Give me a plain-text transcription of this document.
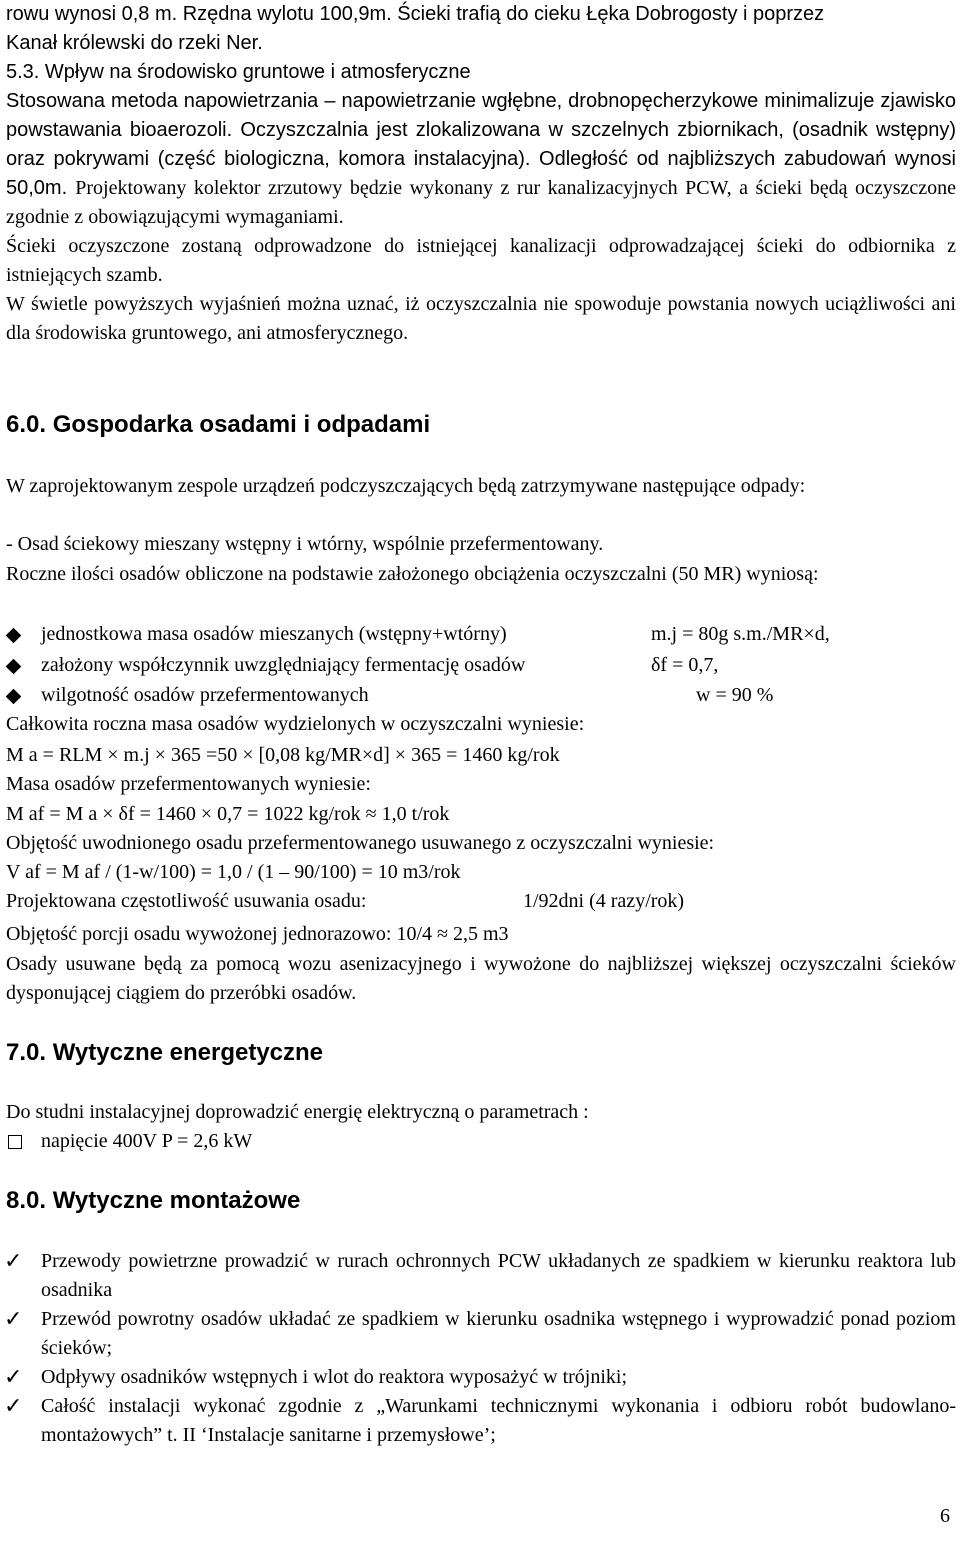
rowu wynosi 0,8 m. Rzędna wylotu 100,9m. Ścieki trafią do cieku Łęka Dobrogosty i poprzez

Kanał królewski do rzeki Ner.

5.3. Wpływ na środowisko gruntowe i atmosferyczne

Stosowana metoda napowietrzania – napowietrzanie wgłębne, drobnopęcherzykowe minimalizuje zjawisko powstawania bioaerozoli. Oczyszczalnia jest zlokalizowana w szczelnych zbiornikach, (osadnik wstępny) oraz pokrywami (część biologiczna, komora instalacyjna). Odległość od najbliższych zabudowań wynosi 50,0m. Projektowany kolektor zrzutowy będzie wykonany z rur kanalizacyjnych PCW, a ścieki będą oczyszczone zgodnie z obowiązującymi wymaganiami.

Ścieki oczyszczone zostaną odprowadzone do istniejącej kanalizacji odprowadzającej ścieki do odbiornika z istniejących szamb.

W świetle powyższych wyjaśnień można uznać, iż oczyszczalnia nie spowoduje powstania nowych uciążliwości ani dla środowiska gruntowego, ani atmosferycznego.

6.0. Gospodarka osadami i odpadami

W zaprojektowanym zespole urządzeń podczyszczających będą zatrzymywane następujące odpady:

- Osad ściekowy mieszany wstępny i wtórny, wspólnie przefermentowany.

Roczne ilości osadów obliczone na podstawie założonego obciążenia oczyszczalni (50 MR) wyniosą:

jednostkowa masa osadów mieszanych (wstępny+wtórny)	m.j = 80g s.m./MR×d,
założony współczynnik uwzględniający fermentację osadów	δf = 0,7,
wilgotność osadów przefermentowanych	w = 90 %
Całkowita roczna masa osadów wydzielonych w oczyszczalni wyniesie:
M a = RLM × m.j × 365 =50 × [0,08 kg/MR×d] × 365 = 1460 kg/rok
Masa osadów przefermentowanych wyniesie:
M af = M a × δf = 1460 × 0,7 = 1022 kg/rok ≈ 1,0 t/rok
Objętość uwodnionego osadu przefermentowanego usuwanego z oczyszczalni wyniesie:
V af = M af / (1-w/100) = 1,0 / (1 – 90/100) = 10 m3/rok
Projektowana częstotliwość usuwania osadu:	1/92dni (4 razy/rok)
Objętość porcji osadu wywożonej jednorazowo: 10/4 ≈ 2,5 m3

Osady usuwane będą za pomocą wozu asenizacyjnego i wywożone do najbliższej większej oczyszczalni ścieków dysponującej ciągiem do przeróbki osadów.

7.0. Wytyczne energetyczne
Do studni instalacyjnej doprowadzić energię elektryczną o parametrach :
napięcie 400V P = 2,6 kW
8.0. Wytyczne montażowe
✓ Przewody powietrzne prowadzić w rurach ochronnych PCW układanych ze spadkiem w kierunku reaktora lub osadnika
✓ Przewód powrotny osadów układać ze spadkiem w kierunku osadnika wstępnego i wyprowadzić ponad poziom ścieków;
✓ Odpływy osadników wstępnych i wlot do reaktora wyposażyć w trójniki;
✓ Całość instalacji wykonać zgodnie z „Warunkami technicznymi wykonania i odbioru robót budowlano-montażowych” t. II ‘Instalacje sanitarne i przemysłowe’;
6
